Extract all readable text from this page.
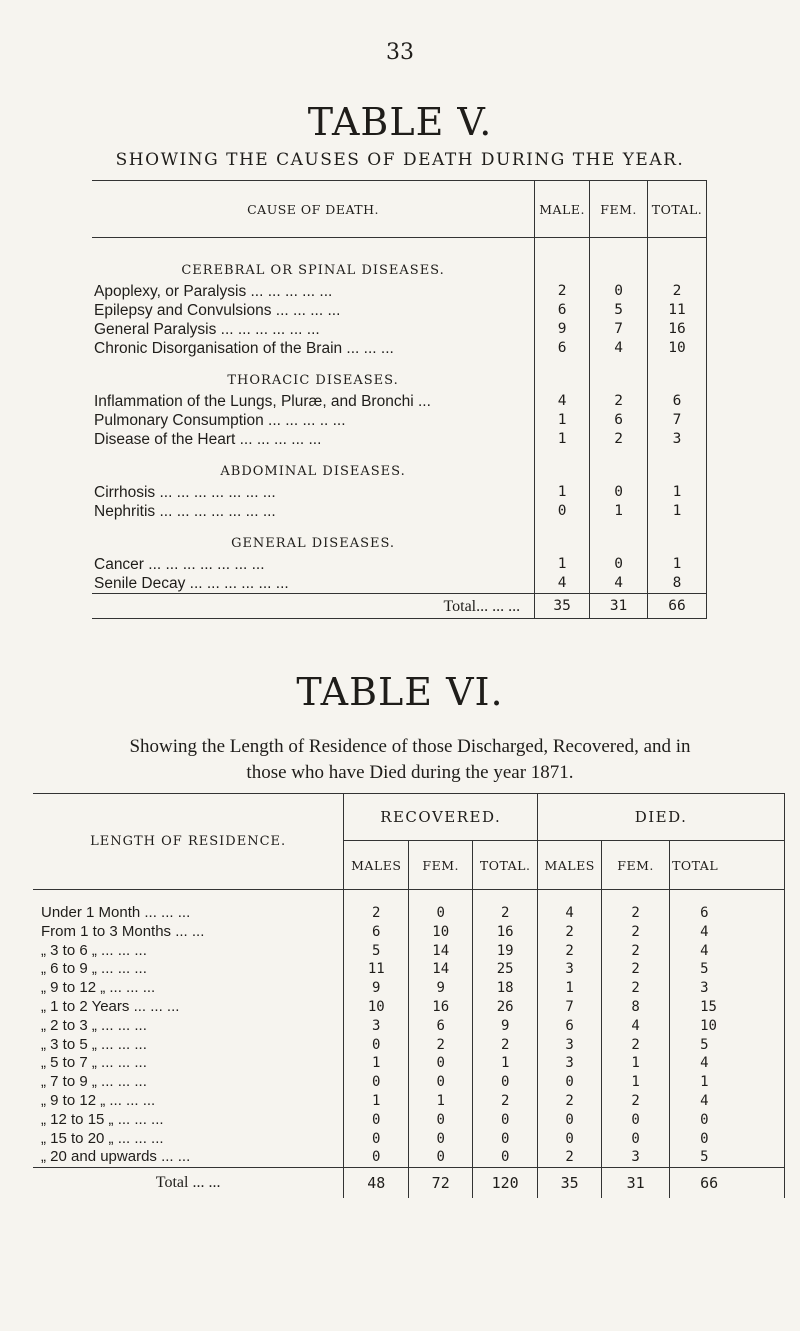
33
TABLE V.
SHOWING THE CAUSES OF DEATH DURING THE YEAR.
CAUSE OF DEATH.	MALE.	FEM.	TOTAL.
CEREBRAL OR SPINAL DISEASES.			
Apoplexy, or Paralysis ... ... ... ... ...	2	0	2
Epilepsy and Convulsions ... ... ... ...	6	5	11
General Paralysis ... ... ... ... ... ...	9	7	16
Chronic Disorganisation of the Brain ... ... ...	6	4	10
THORACIC DISEASES.			
Inflammation of the Lungs, Pluræ, and Bronchi ...	4	2	6
Pulmonary Consumption ... ... ... .. ...	1	6	7
Disease of the Heart ... ... ... ... ...	1	2	3
ABDOMINAL DISEASES.			
Cirrhosis ... ... ... ... ... ... ...	1	0	1
Nephritis ... ... ... ... ... ... ...	0	1	1
GENERAL DISEASES.			
Cancer ... ... ... ... ... ... ...	1	0	1
Senile Decay ... ... ... ... ... ...	4	4	8
Total... ... ...	35	31	66
TABLE VI.
Showing the Length of Residence of those Discharged, Recovered, and in those who have Died during the year 1871.
LENGTH OF RESIDENCE.	RECOVERED.			DIED.		
	MALES	FEM.	TOTAL.	MALES	FEM.	TOTAL
Under 1 Month ... ... ...	2	0	2	4	2	6
From 1 to 3 Months ... ...	6	10	16	2	2	4
„ 3 to 6 „ ... ... ...	5	14	19	2	2	4
„ 6 to 9 „ ... ... ...	11	14	25	3	2	5
„ 9 to 12 „ ... ... ...	9	9	18	1	2	3
„ 1 to 2 Years ... ... ...	10	16	26	7	8	15
„ 2 to 3 „ ... ... ...	3	6	9	6	4	10
„ 3 to 5 „ ... ... ...	0	2	2	3	2	5
„ 5 to 7 „ ... ... ...	1	0	1	3	1	4
„ 7 to 9 „ ... ... ...	0	0	0	0	1	1
„ 9 to 12 „ ... ... ...	1	1	2	2	2	4
„ 12 to 15 „ ... ... ...	0	0	0	0	0	0
„ 15 to 20 „ ... ... ...	0	0	0	0	0	0
„ 20 and upwards ... ...	0	0	0	2	3	5
Total ... ...	48	72	120	35	31	66
